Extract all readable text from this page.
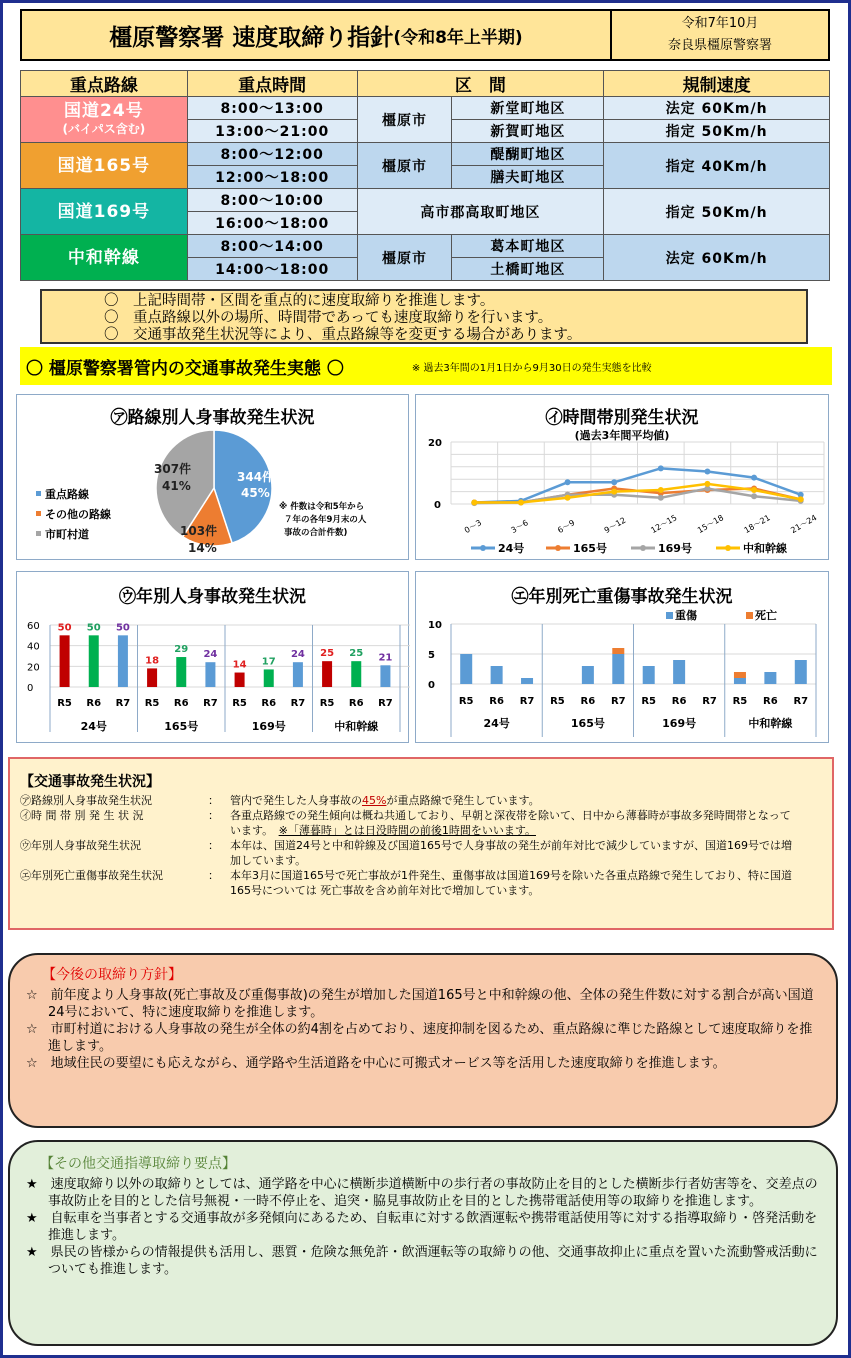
橿原警察署 速度取締り指針 (令和8年上半期)
令和7年10月
奈良県橿原警察署
重点路線	重点時間	区　間		規制速度
国道24号
(バイパス含む)	8:00～13:00	橿原市	新堂町地区	法定 60Km/h
	13:00～21:00		新賀町地区	指定 50Km/h
国道165号	8:00～12:00	橿原市	醍醐町地区	指定 40Km/h
	12:00～18:00		膳夫町地区	
国道169号	8:00～10:00	高市郡高取町地区		指定 50Km/h
	16:00～18:00			
中和幹線	8:00～14:00	橿原市	葛本町地区	法定 60Km/h
	14:00～18:00		土橋町地区	
〇　上記時間帯・区間を重点的に速度取締りを推進します。
〇　重点路線以外の場所、時間帯であっても速度取締りを行います。
〇　交通事故発生状況等により、重点路線等を変更する場合があります。
〇 橿原警察署管内の交通事故発生実態 〇	※ 過去3年間の1月1日から9月30日の発生実態を比較
㋐路線別人身事故発生状況
344件
45%
307件
41%
103件
14%
重点路線
その他の路線
市町村道
※ 件数は令和5年から
７年の各年9月末の人
事故の合計件数)
㋑時間帯別発生状況
(過去3年間平均値)
20
0
0～3	3～6	6～9	9～12	12～15 15～18 18～21 21～24
24号	165号	169号	中和幹線
㋒年別人身事故発生状況
0
20
40
60 50
R5
50
R6
50
R7
24号
18
R5
29
R6
24
R7
165号
14
R5
17
R6
24
R7
169号
25
R5
25
R6
21
R7
中和幹線
㋓年別死亡重傷事故発生状況
0
5
10
重傷	死亡
R5 R6 R7
24号
R5 R6 R7
165号
R5 R6 R7
169号
R5 R6 R7
中和幹線
【交通事故発生状況】
㋐路線別人身事故発生状況	：	管内で発生した人身事故の45%が重点路線で発生しています。
㋑時 間 帯 別 発 生 状 況	：	各重点路線での発生傾向は概ね共通しており、早朝と深夜帯を除いて、日中から薄暮時が事故多発時間帯となっています。　 ※「薄暮時」とは日没時間の前後1時間をいいます。
㋒年別人身事故発生状況	：	本年は、国道24号と中和幹線及び国道165号で人身事故の発生が前年対比で減少していますが、国道169号では増加しています。
㋓年別死亡重傷事故発生状況	：	本年3月に国道165号で死亡事故が1件発生、重傷事故は国道169号を除いた各重点路線で発生しており、特に国道165号については 死亡事故を含め前年対比で増加しています。
【今後の取締り方針】
☆　前年度より人身事故(死亡事故及び重傷事故)の発生が増加した国道165号と中和幹線の他、全体の発生件数に対する割合が高い国道24号において、特に速度取締りを推進します。
☆　市町村道における人身事故の発生が全体の約4割を占めており、速度抑制を図るため、重点路線に準じた路線として速度取締りを推進します。
☆　地域住民の要望にも応えながら、通学路や生活道路を中心に可搬式オービス等を活用した速度取締りを推進します。
【その他交通指導取締り要点】
★　速度取締り以外の取締りとしては、通学路を中心に横断歩道横断中の歩行者の事故防止を目的とした横断歩行者妨害等を、交差点の事故防止を目的とした信号無視・一時不停止を、追突・脇見事故防止を目的とした携帯電話使用等の取締りを推進します。
★　自転車を当事者とする交通事故が多発傾向にあるため、自転車に対する飲酒運転や携帯電話使用等に対する指導取締り・啓発活動を推進します。
★　県民の皆様からの情報提供も活用し、悪質・危険な無免許・飲酒運転等の取締りの他、交通事故抑止に重点を置いた流動警戒活動についても推進します。
